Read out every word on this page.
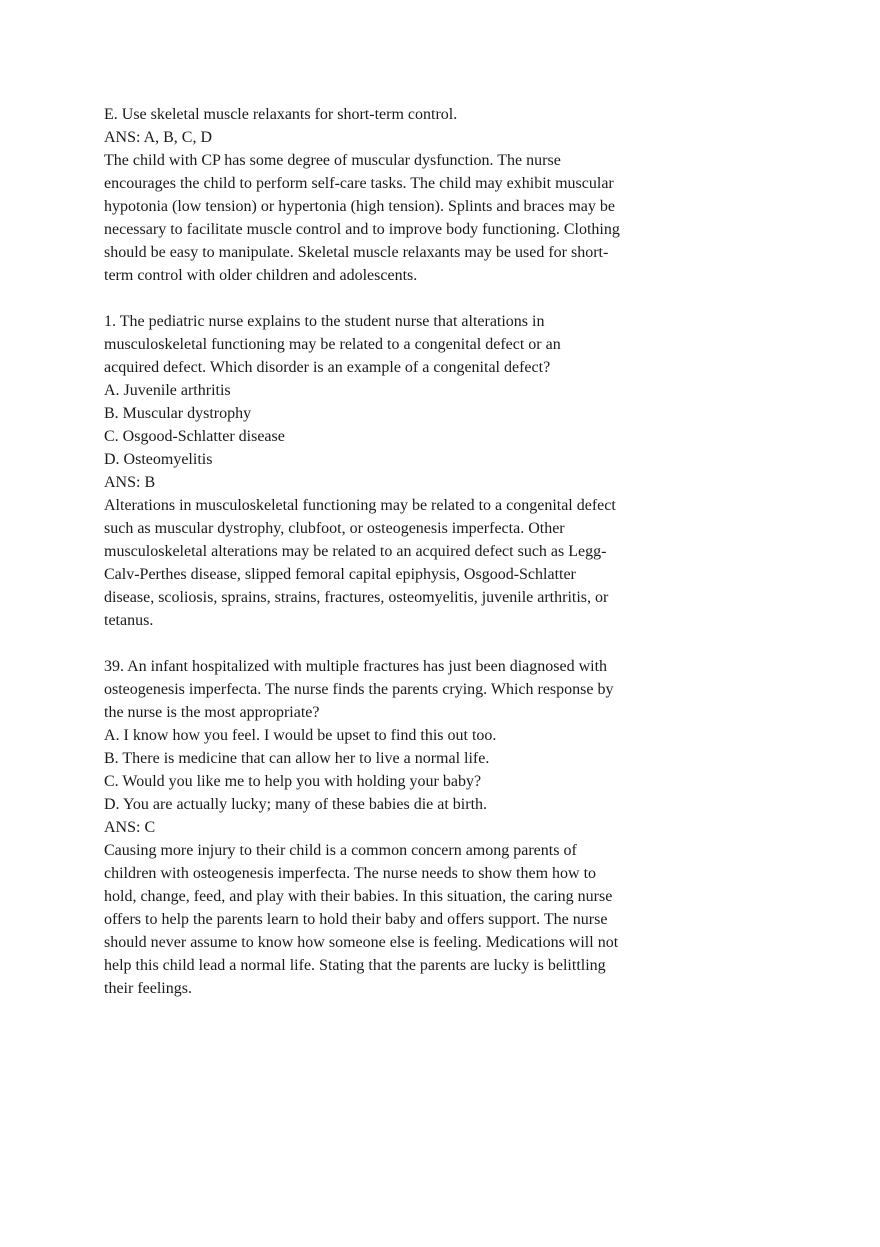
E. Use skeletal muscle relaxants for short-term control.
ANS: A, B, C, D
The child with CP has some degree of muscular dysfunction. The nurse
encourages the child to perform self-care tasks. The child may exhibit muscular
hypotonia (low tension) or hypertonia (high tension). Splints and braces may be
necessary to facilitate muscle control and to improve body functioning. Clothing
should be easy to manipulate. Skeletal muscle relaxants may be used for short-
term control with older children and adolescents.
1. The pediatric nurse explains to the student nurse that alterations in
musculoskeletal functioning may be related to a congenital defect or an
acquired defect. Which disorder is an example of a congenital defect?
A. Juvenile arthritis
B. Muscular dystrophy
C. Osgood-Schlatter disease
D. Osteomyelitis
ANS: B
Alterations in musculoskeletal functioning may be related to a congenital defect
such as muscular dystrophy, clubfoot, or osteogenesis imperfecta. Other
musculoskeletal alterations may be related to an acquired defect such as Legg-
Calv-Perthes disease, slipped femoral capital epiphysis, Osgood-Schlatter
disease, scoliosis, sprains, strains, fractures, osteomyelitis, juvenile arthritis, or
tetanus.
39. An infant hospitalized with multiple fractures has just been diagnosed with
osteogenesis imperfecta. The nurse finds the parents crying. Which response by
the nurse is the most appropriate?
A. I know how you feel. I would be upset to find this out too.
B. There is medicine that can allow her to live a normal life.
C. Would you like me to help you with holding your baby?
D. You are actually lucky; many of these babies die at birth.
ANS: C
Causing more injury to their child is a common concern among parents of
children with osteogenesis imperfecta. The nurse needs to show them how to
hold, change, feed, and play with their babies. In this situation, the caring nurse
offers to help the parents learn to hold their baby and offers support. The nurse
should never assume to know how someone else is feeling. Medications will not
help this child lead a normal life. Stating that the parents are lucky is belittling
their feelings.
